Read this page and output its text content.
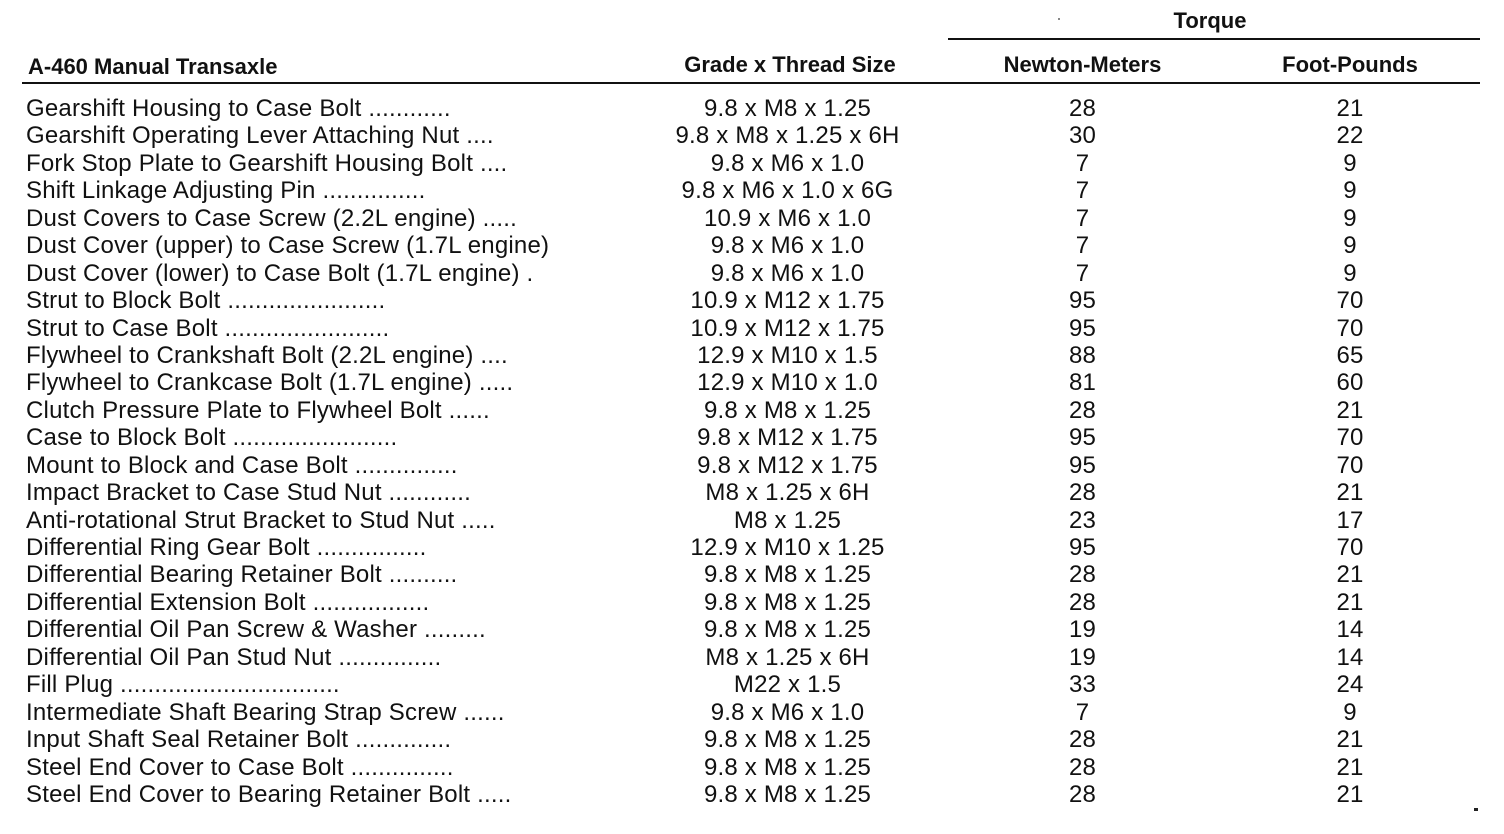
Torque
A-460 Manual Transaxle	Grade x Thread Size	Newton-Meters	Foot-Pounds
Gearshift Housing to Case Bolt ............	9.8 x M8 x 1.25	28	21
Gearshift Operating Lever Attaching Nut ....	9.8 x M8 x 1.25 x 6H	30	22
Fork Stop Plate to Gearshift Housing Bolt ....	9.8 x M6 x 1.0	7	9
Shift Linkage Adjusting Pin ...............	9.8 x M6 x 1.0 x 6G	7	9
Dust Covers to Case Screw (2.2L engine) .....	10.9 x M6 x 1.0	7	9
Dust Cover (upper) to Case Screw (1.7L engine)	9.8 x M6 x 1.0	7	9
Dust Cover (lower) to Case Bolt (1.7L engine) .	9.8 x M6 x 1.0	7	9
Strut to Block Bolt .......................	10.9 x M12 x 1.75	95	70
Strut to Case Bolt ........................	10.9 x M12 x 1.75	95	70
Flywheel to Crankshaft Bolt (2.2L engine) ....	12.9 x M10 x 1.5	88	65
Flywheel to Crankcase Bolt (1.7L engine) .....	12.9 x M10 x 1.0	81	60
Clutch Pressure Plate to Flywheel Bolt ......	9.8 x M8 x 1.25	28	21
Case to Block Bolt ........................	9.8 x M12 x 1.75	95	70
Mount to Block and Case Bolt ...............	9.8 x M12 x 1.75	95	70
Impact Bracket to Case Stud Nut ............	M8 x 1.25 x 6H	28	21
Anti-rotational Strut Bracket to Stud Nut .....	M8 x 1.25	23	17
Differential Ring Gear Bolt ................	12.9 x M10 x 1.25	95	70
Differential Bearing Retainer Bolt ..........	9.8 x M8 x 1.25	28	21
Differential Extension Bolt .................	9.8 x M8 x 1.25	28	21
Differential Oil Pan Screw & Washer .........	9.8 x M8 x 1.25	19	14
Differential Oil Pan Stud Nut ...............	M8 x 1.25 x 6H	19	14
Fill Plug ................................	M22 x 1.5	33	24
Intermediate Shaft Bearing Strap Screw ......	9.8 x M6 x 1.0	7	9
Input Shaft Seal Retainer Bolt ..............	9.8 x M8 x 1.25	28	21
Steel End Cover to Case Bolt ...............	9.8 x M8 x 1.25	28	21
Steel End Cover to Bearing Retainer Bolt .....	9.8 x M8 x 1.25	28	21
